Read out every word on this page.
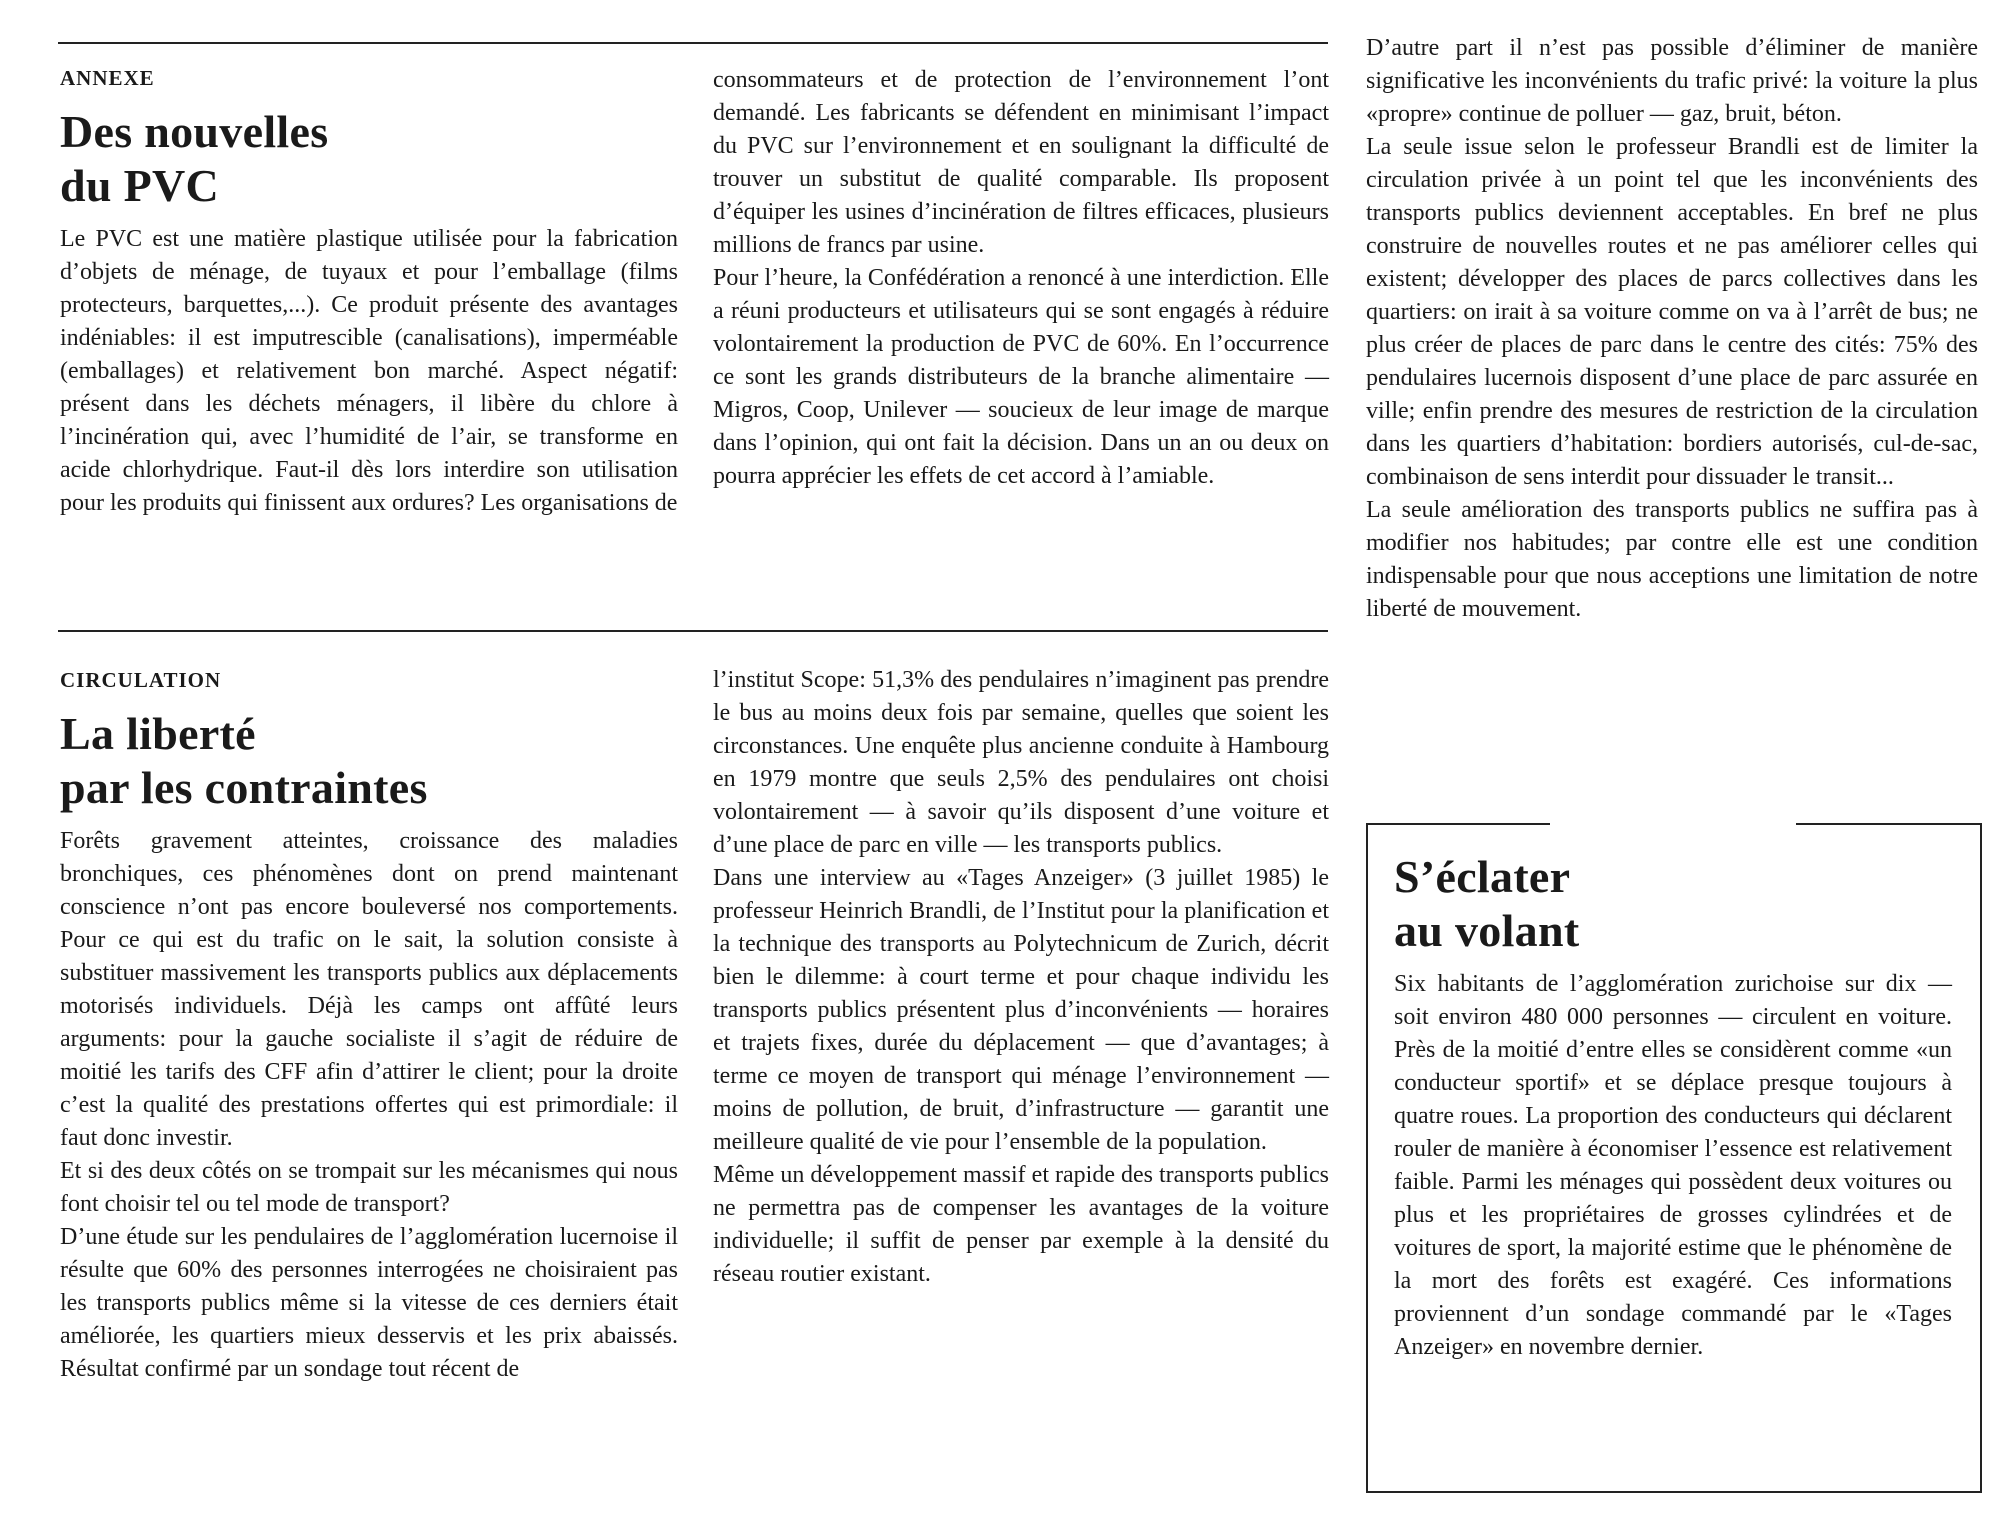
ANNEXE
Des nouvelles
du PVC

Le PVC est une matière plastique utilisée pour la fabrication d’objets de ménage, de tuyaux et pour l’emballage (films protecteurs, barquettes,...). Ce produit présente des avantages indéniables: il est imputrescible (canalisations), imperméable (emballages) et relativement bon marché. Aspect négatif: présent dans les déchets ménagers, il libère du chlore à l’incinération qui, avec l’humidité de l’air, se transforme en acide chlorhydrique. Faut-il dès lors interdire son utilisation pour les produits qui finissent aux ordures? Les organisations de

consommateurs et de protection de l’environnement l’ont demandé. Les fabricants se défendent en minimisant l’impact du PVC sur l’environnement et en soulignant la difficulté de trouver un substitut de qualité comparable. Ils proposent d’équiper les usines d’incinération de filtres efficaces, plusieurs millions de francs par usine.

Pour l’heure, la Confédération a renoncé à une interdiction. Elle a réuni producteurs et utilisateurs qui se sont engagés à réduire volontairement la production de PVC de 60%. En l’occurrence ce sont les grands distributeurs de la branche alimentaire — Migros, Coop, Unilever — soucieux de leur image de marque dans l’opinion, qui ont fait la décision. Dans un an ou deux on pourra apprécier les effets de cet accord à l’amiable.

CIRCULATION
La liberté
par les contraintes

Forêts gravement atteintes, croissance des maladies bronchiques, ces phénomènes dont on prend maintenant conscience n’ont pas encore bouleversé nos comportements. Pour ce qui est du trafic on le sait, la solution consiste à substituer massivement les transports publics aux déplacements motorisés individuels. Déjà les camps ont affûté leurs arguments: pour la gauche socialiste il s’agit de réduire de moitié les tarifs des CFF afin d’attirer le client; pour la droite c’est la qualité des prestations offertes qui est primordiale: il faut donc investir.

Et si des deux côtés on se trompait sur les mécanismes qui nous font choisir tel ou tel mode de transport?

D’une étude sur les pendulaires de l’agglomération lucernoise il résulte que 60% des personnes interrogées ne choisiraient pas les transports publics même si la vitesse de ces derniers était améliorée, les quartiers mieux desservis et les prix abaissés. Résultat confirmé par un sondage tout récent de

l’institut Scope: 51,3% des pendulaires n’imaginent pas prendre le bus au moins deux fois par semaine, quelles que soient les circonstances. Une enquête plus ancienne conduite à Hambourg en 1979 montre que seuls 2,5% des pendulaires ont choisi volontairement — à savoir qu’ils disposent d’une voiture et d’une place de parc en ville — les transports publics.

Dans une interview au «Tages Anzeiger» (3 juillet 1985) le professeur Heinrich Brandli, de l’Institut pour la planification et la technique des transports au Polytechnicum de Zurich, décrit bien le dilemme: à court terme et pour chaque individu les transports publics présentent plus d’inconvénients — horaires et trajets fixes, durée du déplacement — que d’avantages; à terme ce moyen de transport qui ménage l’environnement — moins de pollution, de bruit, d’infrastructure — garantit une meilleure qualité de vie pour l’ensemble de la population.

Même un développement massif et rapide des transports publics ne permettra pas de compenser les avantages de la voiture individuelle; il suffit de penser par exemple à la densité du réseau routier existant.

D’autre part il n’est pas possible d’éliminer de manière significative les inconvénients du trafic privé: la voiture la plus «propre» continue de polluer — gaz, bruit, béton.

La seule issue selon le professeur Brandli est de limiter la circulation privée à un point tel que les inconvénients des transports publics deviennent acceptables. En bref ne plus construire de nouvelles routes et ne pas améliorer celles qui existent; développer des places de parcs collectives dans les quartiers: on irait à sa voiture comme on va à l’arrêt de bus; ne plus créer de places de parc dans le centre des cités: 75% des pendulaires lucernois disposent d’une place de parc assurée en ville; enfin prendre des mesures de restriction de la circulation dans les quartiers d’habitation: bordiers autorisés, cul-de-sac, combinaison de sens interdit pour dissuader le transit...

La seule amélioration des transports publics ne suffira pas à modifier nos habitudes; par contre elle est une condition indispensable pour que nous acceptions une limitation de notre liberté de mouvement.

S’éclater
au volant

Six habitants de l’agglomération zurichoise sur dix — soit environ 480 000 personnes — circulent en voiture. Près de la moitié d’entre elles se considèrent comme «un conducteur sportif» et se déplace presque toujours à quatre roues. La proportion des conducteurs qui déclarent rouler de manière à économiser l’essence est relativement faible. Parmi les ménages qui possèdent deux voitures ou plus et les propriétaires de grosses cylindrées et de voitures de sport, la majorité estime que le phénomène de la mort des forêts est exagéré. Ces informations proviennent d’un sondage commandé par le «Tages Anzeiger» en novembre dernier.
